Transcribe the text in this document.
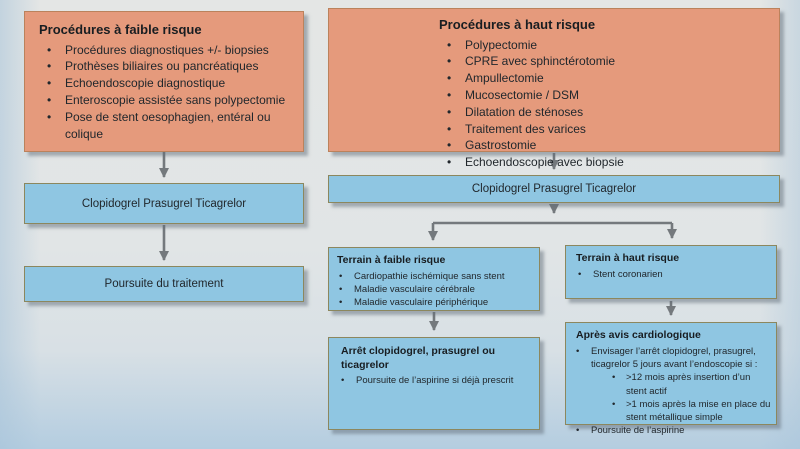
Procédures à faible risque
• Procédures diagnostiques +/- biopsies
• Prothèses biliaires ou pancréatiques
• Echoendoscopie diagnostique
• Enteroscopie assistée sans polypectomie
• Pose de stent oesophagien, entéral ou colique
Procédures à haut risque
• Polypectomie
• CPRE avec sphinctérotomie
• Ampullectomie
• Mucosectomie / DSM
• Dilatation de sténoses
• Traitement des varices
• Gastrostomie
• Echoendoscopie avec biopsie
Clopidogrel Prasugrel Ticagrelor
Poursuite du traitement
Clopidogrel Prasugrel Ticagrelor
Terrain à faible risque
• Cardiopathie ischémique sans stent
• Maladie vasculaire cérébrale
• Maladie vasculaire périphérique
Terrain à haut risque
• Stent coronarien
Arrêt clopidogrel, prasugrel ou ticagrelor
• Poursuite de l’aspirine si déjà prescrit
Après avis cardiologique
• Envisager l’arrêt clopidogrel, prasugrel, ticagrelor 5 jours avant l’endoscopie si :
• >12 mois après insertion d’un stent actif
• >1 mois après la mise en place du stent métallique simple
• Poursuite de l’aspirine
